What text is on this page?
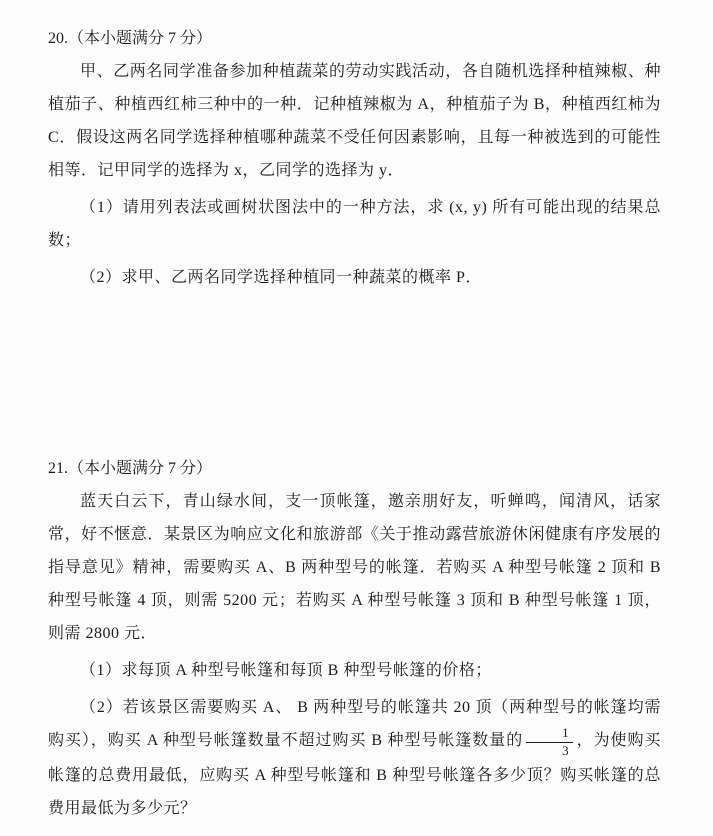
20.（本小题满分 7 分）

甲、乙两名同学准备参加种植蔬菜的劳动实践活动，各自随机选择种植辣椒、种植茄子、种植西红柿三种中的一种．记种植辣椒为 A，种植茄子为 B，种植西红柿为 C．假设这两名同学选择种植哪种蔬菜不受任何因素影响，且每一种被选到的可能性相等．记甲同学的选择为 x，乙同学的选择为 y．

（1）请用列表法或画树状图法中的一种方法，求 (x, y) 所有可能出现的结果总数；

（2）求甲、乙两名同学选择种植同一种蔬菜的概率 P．

21.（本小题满分 7 分）

蓝天白云下，青山绿水间，支一顶帐篷，邀亲朋好友，听蝉鸣，闻清风，话家常，好不惬意．某景区为响应文化和旅游部《关于推动露营旅游休闲健康有序发展的指导意见》精神，需要购买 A、B 两种型号的帐篷．若购买 A 种型号帐篷 2 顶和 B 种型号帐篷 4 顶，则需 5200 元；若购买 A 种型号帐篷 3 顶和 B 种型号帐篷 1 顶，则需 2800 元．

（1）求每顶 A 种型号帐篷和每顶 B 种型号帐篷的价格；

（2）若该景区需要购买 A、 B 两种型号的帐篷共 20 顶（两种型号的帐篷均需购买），购买 A 种型号帐篷数量不超过购买 B 种型号帐篷数量的 $\frac{1}{3}$ ，为使购买帐篷的总费用最低，应购买 A 种型号帐篷和 B 种型号帐篷各多少顶？购买帐篷的总费用最低为多少元？
